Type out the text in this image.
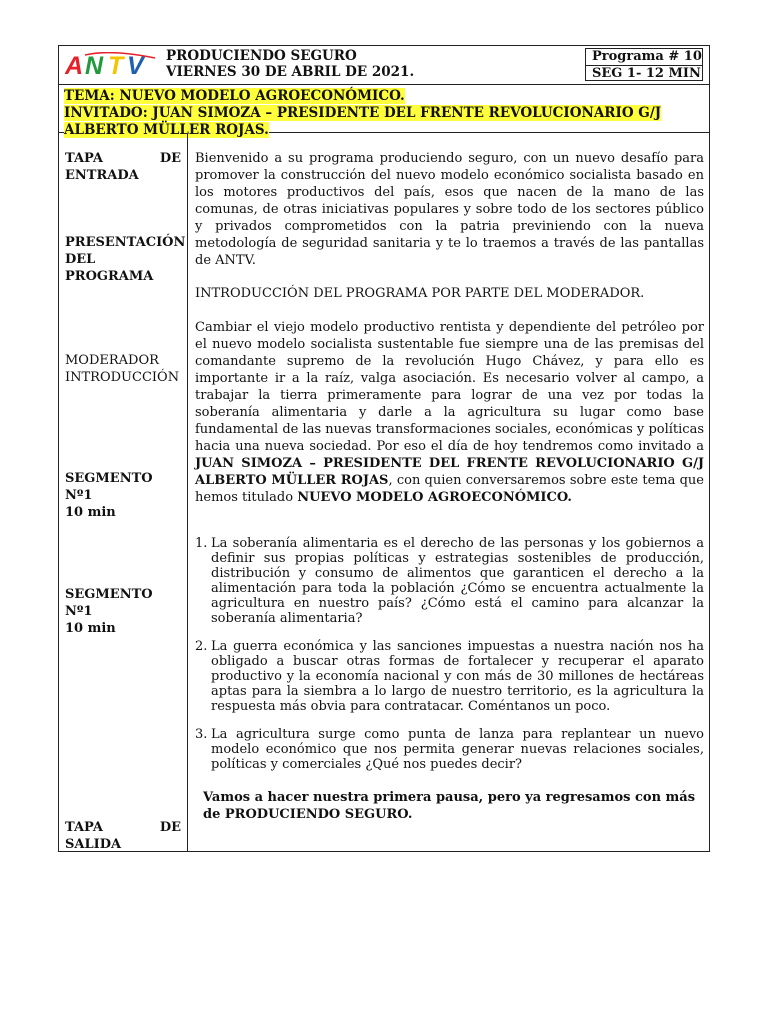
A N T V PRODUCIENDO SEGURO
VIERNES 30 DE ABRIL DE 2021.
Programa # 10
SEG 1- 12 MIN
TEMA: NUEVO MODELO AGROECONÓMICO.
INVITADO: JUAN SIMOZA – PRESIDENTE DEL FRENTE REVOLUCIONARIO G/J
ALBERTO MÜLLER ROJAS.
TAPA	DE
ENTRADA
PRESENTACIÓN
DEL
PROGRAMA
MODERADOR
INTRODUCCIÓN
SEGMENTO Nº1
10 min
SEGMENTO Nº1
10 min
TAPA	DE
SALIDA
Bienvenido a su programa produciendo seguro, con un nuevo desafío para promover la construcción del nuevo modelo económico socialista basado en los motores productivos del país, esos que nacen de la mano de las comunas, de otras iniciativas populares y sobre todo de los sectores público y privados comprometidos con la patria previniendo con la nueva metodología de seguridad sanitaria y te lo traemos a través de las pantallas de ANTV.
INTRODUCCIÓN DEL PROGRAMA POR PARTE DEL MODERADOR.
Cambiar el viejo modelo productivo rentista y dependiente del petróleo por el nuevo modelo socialista sustentable fue siempre una de las premisas del comandante supremo de la revolución Hugo Chávez, y para ello es importante ir a la raíz, valga asociación. Es necesario volver al campo, a trabajar la tierra primeramente para lograr de una vez por todas la soberanía alimentaria y darle a la agricultura su lugar como base fundamental de las nuevas transformaciones sociales, económicas y políticas hacia una nueva sociedad. Por eso el día de hoy tendremos como invitado a JUAN SIMOZA – PRESIDENTE DEL FRENTE REVOLUCIONARIO G/J ALBERTO MÜLLER ROJAS, con quien conversaremos sobre este tema que hemos titulado NUEVO MODELO AGROECONÓMICO.
1. La soberanía alimentaria es el derecho de las personas y los gobiernos a definir sus propias políticas y estrategias sostenibles de producción, distribución y consumo de alimentos que garanticen el derecho a la alimentación para toda la población ¿Cómo se encuentra actualmente la agricultura en nuestro país? ¿Cómo está el camino para alcanzar la soberanía alimentaria?
2. La guerra económica y las sanciones impuestas a nuestra nación nos ha obligado a buscar otras formas de fortalecer y recuperar el aparato productivo y la economía nacional y con más de 30 millones de hectáreas aptas para la siembra a lo largo de nuestro territorio, es la agricultura la respuesta más obvia para contratacar. Coméntanos un poco.
3. La agricultura surge como punta de lanza para replantear un nuevo modelo económico que nos permita generar nuevas relaciones sociales, políticas y comerciales ¿Qué nos puedes decir?
Vamos a hacer nuestra primera pausa, pero ya regresamos con más de PRODUCIENDO SEGURO.
